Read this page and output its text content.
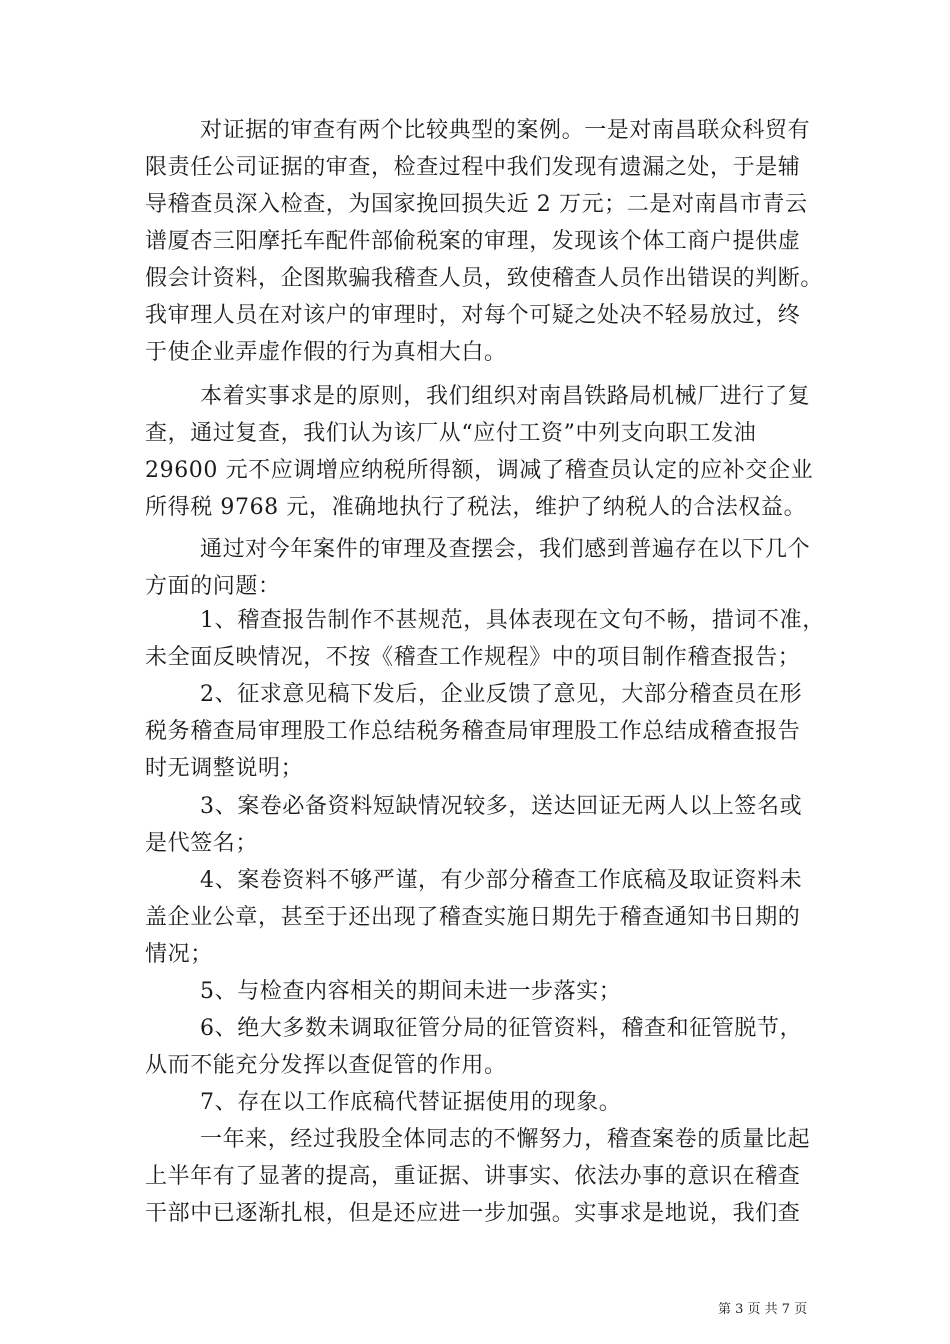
对证据的审查有两个比较典型的案例。一是对南昌联众科贸有
限责任公司证据的审查，检查过程中我们发现有遗漏之处，于是辅
导稽查员深入检查，为国家挽回损失近 2 万元；二是对南昌市青云
谱厦杏三阳摩托车配件部偷税案的审理，发现该个体工商户提供虚
假会计资料，企图欺骗我稽查人员，致使稽查人员作出错误的判断。
我审理人员在对该户的审理时，对每个可疑之处决不轻易放过，终
于使企业弄虚作假的行为真相大白。
本着实事求是的原则，我们组织对南昌铁路局机械厂进行了复
查，通过复查，我们认为该厂从“应付工资”中列支向职工发油
29600 元不应调增应纳税所得额，调减了稽查员认定的应补交企业
所得税 9768 元，准确地执行了税法，维护了纳税人的合法权益。
通过对今年案件的审理及查摆会，我们感到普遍存在以下几个
方面的问题：
1、稽查报告制作不甚规范，具体表现在文句不畅，措词不准，
未全面反映情况，不按《稽查工作规程》中的项目制作稽查报告；
2、征求意见稿下发后，企业反馈了意见，大部分稽查员在形
税务稽查局审理股工作总结税务稽查局审理股工作总结成稽查报告
时无调整说明；
3、案卷必备资料短缺情况较多，送达回证无两人以上签名或
是代签名；
4、案卷资料不够严谨，有少部分稽查工作底稿及取证资料未
盖企业公章，甚至于还出现了稽查实施日期先于稽查通知书日期的
情况；
5、与检查内容相关的期间未进一步落实；
6、绝大多数未调取征管分局的征管资料，稽查和征管脱节，
从而不能充分发挥以查促管的作用。
7、存在以工作底稿代替证据使用的现象。
一年来，经过我股全体同志的不懈努力，稽查案卷的质量比起
上半年有了显著的提高，重证据、讲事实、依法办事的意识在稽查
干部中已逐渐扎根，但是还应进一步加强。实事求是地说，我们查
第 3 页 共 7 页
